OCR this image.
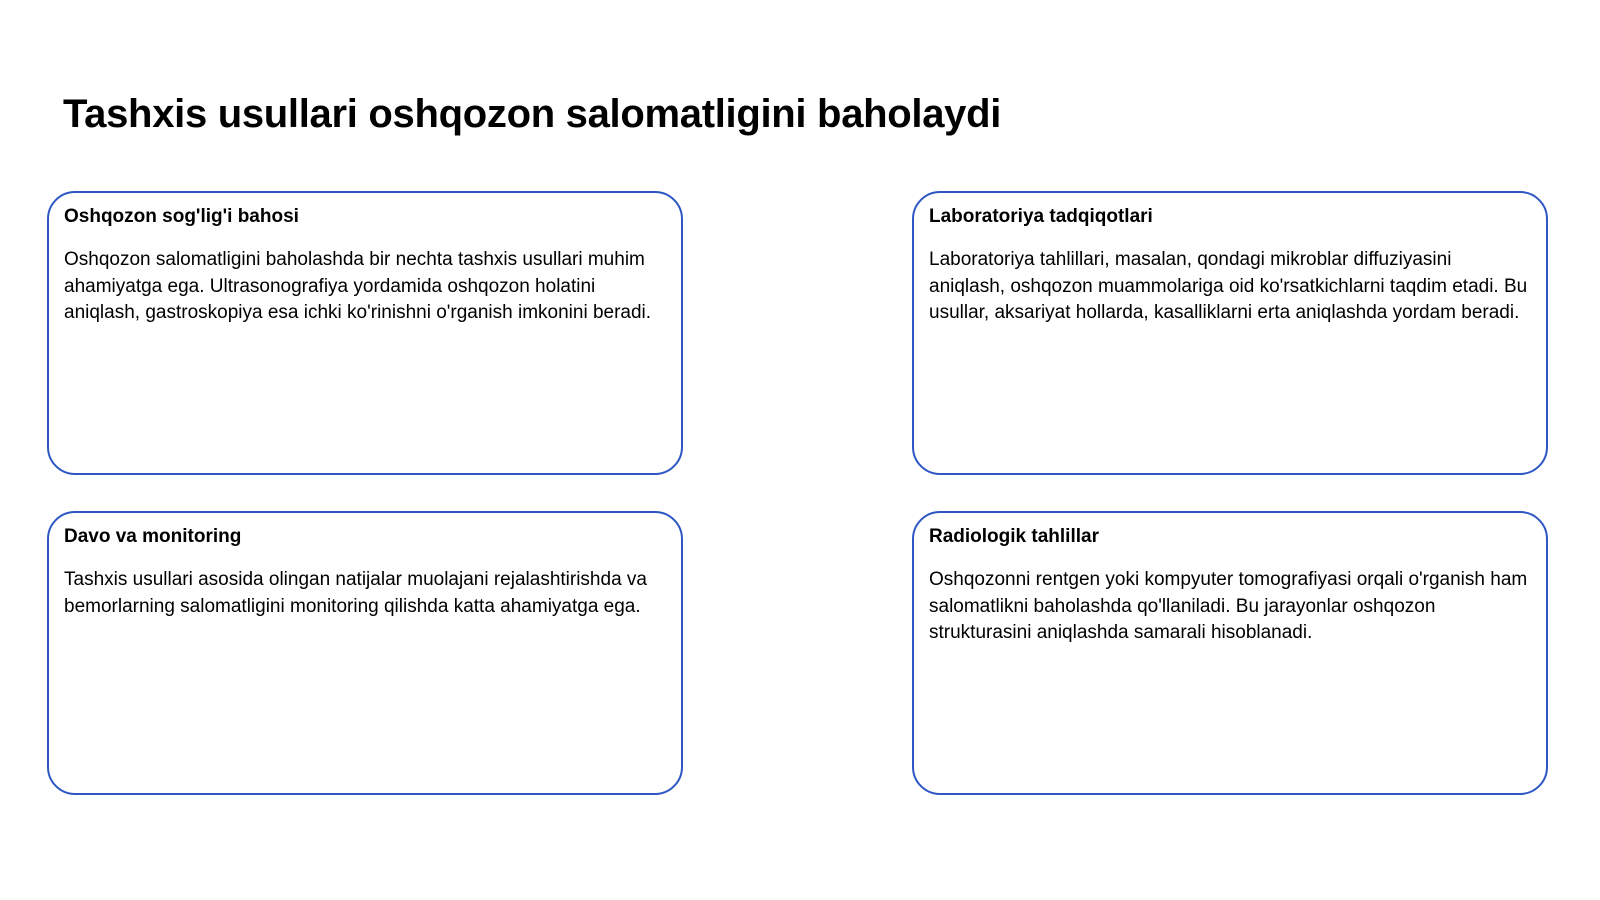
Tashxis usullari oshqozon salomatligini baholaydi
Oshqozon sog'lig'i bahosi

Oshqozon salomatligini baholashda bir nechta tashxis usullari muhim ahamiyatga ega. Ultrasonografiya yordamida oshqozon holatini aniqlash, gastroskopiya esa ichki ko'rinishni o'rganish imkonini beradi.

Laboratoriya tadqiqotlari

Laboratoriya tahlillari, masalan, qondagi mikroblar diffuziyasini aniqlash, oshqozon muammolariga oid ko'rsatkichlarni taqdim etadi. Bu usullar, aksariyat hollarda, kasalliklarni erta aniqlashda yordam beradi.

Davo va monitoring

Tashxis usullari asosida olingan natijalar muolajani rejalashtirishda va bemorlarning salomatligini monitoring qilishda katta ahamiyatga ega.

Radiologik tahlillar

Oshqozonni rentgen yoki kompyuter tomografiyasi orqali o'rganish ham salomatlikni baholashda qo'llaniladi. Bu jarayonlar oshqozon strukturasini aniqlashda samarali hisoblanadi.
